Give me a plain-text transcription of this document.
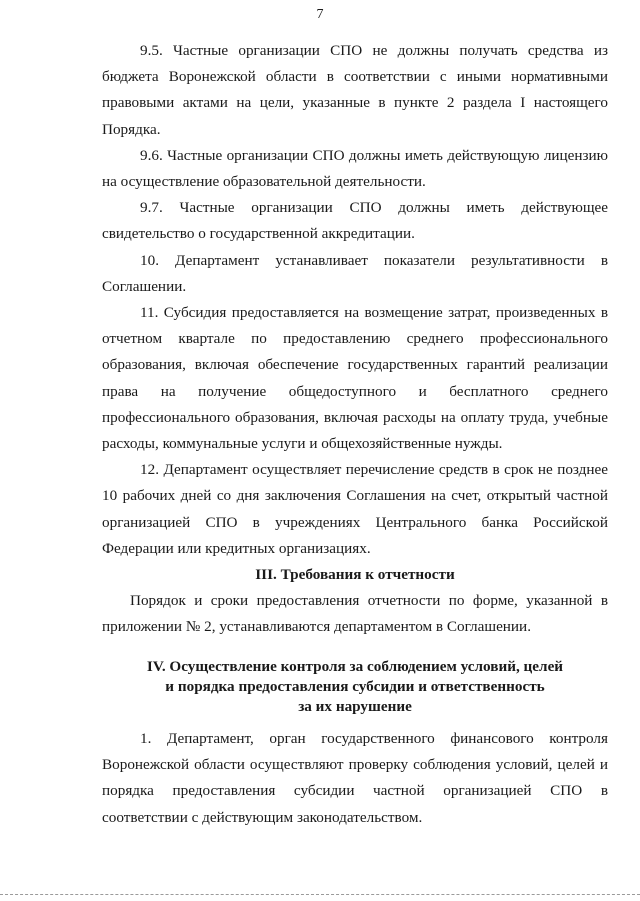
7

9.5. Частные организации СПО не должны получать средства из бюджета Воронежской области в соответствии с иными нормативными правовыми актами на цели, указанные в пункте 2 раздела I настоящего Порядка.

9.6. Частные организации СПО должны иметь действующую лицензию на осуществление образовательной деятельности.

9.7. Частные организации СПО должны иметь действующее свидетельство о государственной аккредитации.

10. Департамент устанавливает показатели результативности в Соглашении.

11. Субсидия предоставляется на возмещение затрат, произведенных в отчетном квартале по предоставлению среднего профессионального образования, включая обеспечение государственных гарантий реализации права на получение общедоступного и бесплатного среднего профессионального образования, включая расходы на оплату труда, учебные расходы, коммунальные услуги и общехозяйственные нужды.

12. Департамент осуществляет перечисление средств в срок не позднее 10 рабочих дней со дня заключения Соглашения на счет, открытый частной организацией СПО в учреждениях Центрального банка Российской Федерации или кредитных организациях.

III. Требования к отчетности

Порядок и сроки предоставления отчетности по форме, указанной в приложении № 2, устанавливаются департаментом в Соглашении.

IV. Осуществление контроля за соблюдением условий, целей
и порядка предоставления субсидии и ответственность
за их нарушение

1. Департамент, орган государственного финансового контроля Воронежской области осуществляют проверку соблюдения условий, целей и порядка предоставления субсидии частной организацией СПО в соответствии с действующим законодательством.
